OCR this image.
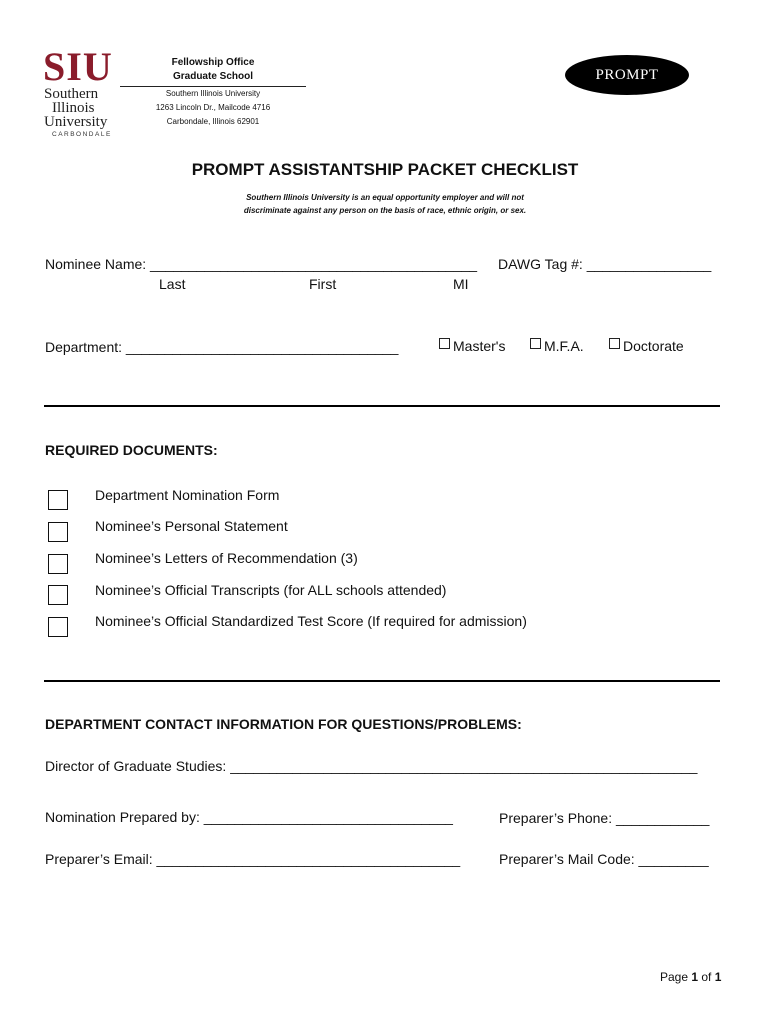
SIU
Southern
Illinois
University
CARBONDALE
Fellowship Office
Graduate School
Southern Illinois University
1263 Lincoln Dr., Mailcode 4716
Carbondale, Illinois 62901
PROMPT
PROMPT ASSISTANTSHIP PACKET CHECKLIST
Southern Illinois University is an equal opportunity employer and will not
discriminate against any person on the basis of race, ethnic origin, or sex.
Nominee Name: __________________________________________ DAWG Tag #: ________________
Last	First	MI
Department: ___________________________________	Master's	M.F.A.	Doctorate
REQUIRED DOCUMENTS:
Department Nomination Form
Nominee’s Personal Statement
Nominee’s Letters of Recommendation (3)
Nominee’s Official Transcripts (for ALL schools attended)
Nominee’s Official Standardized Test Score (If required for admission)
DEPARTMENT CONTACT INFORMATION FOR QUESTIONS/PROBLEMS:
Director of Graduate Studies: ____________________________________________________________
Nomination Prepared by: ________________________________	Preparer’s Phone: ____________
Preparer’s Email: _______________________________________	Preparer’s Mail Code: _________
Page 1 of 1
